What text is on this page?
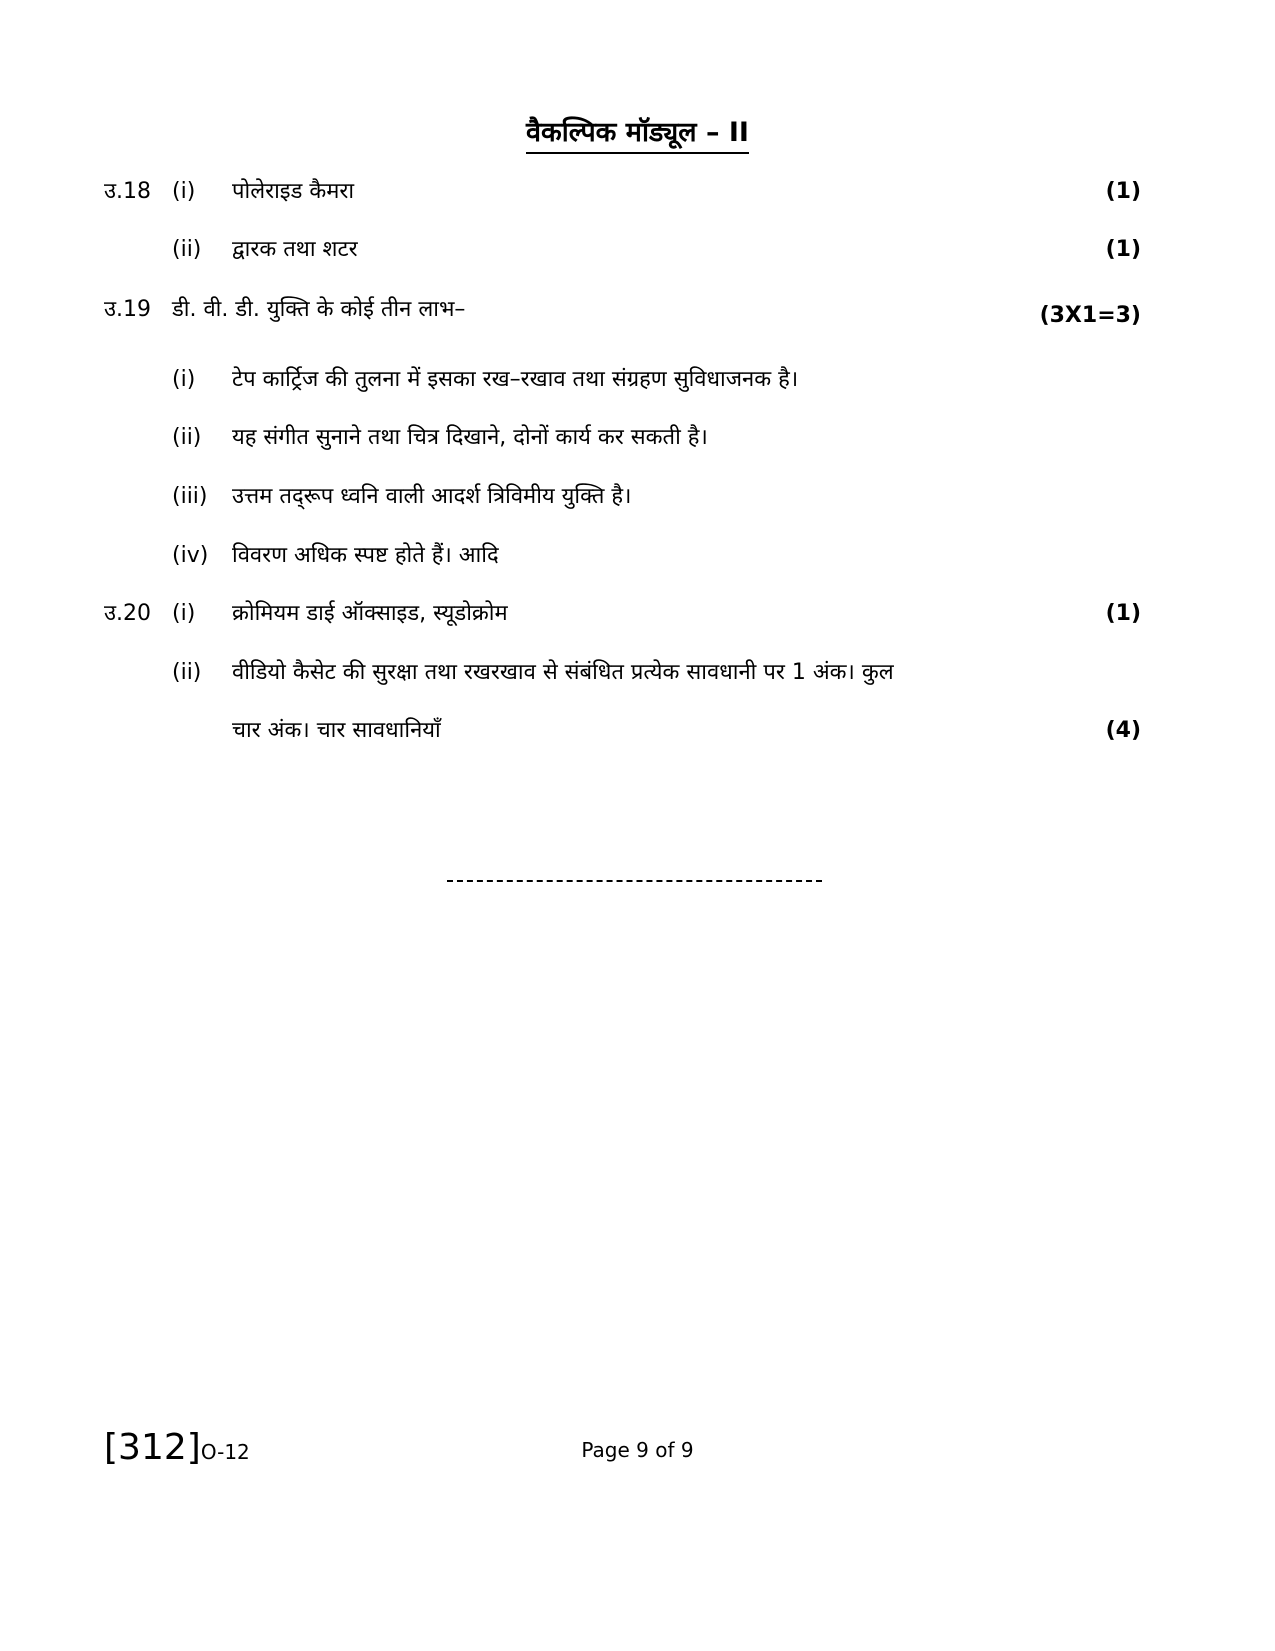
वैकल्पिक मॉड्यूल – II
उ.18 (i) पोलेराइड कैमरा	(1)
(ii) द्वारक तथा शटर	(1)
उ.19 डी. वी. डी. युक्ति के कोई तीन लाभ–	(3X1=3)
(i) टेप कार्ट्रिज की तुलना में इसका रख–रखाव तथा संग्रहण सुविधाजनक है।
(ii) यह संगीत सुनाने तथा चित्र दिखाने, दोनों कार्य कर सकती है।
(iii) उत्तम तद्‌रूप ध्वनि वाली आदर्श त्रिविमीय युक्ति है।
(iv) विवरण अधिक स्पष्ट होते हैं। आदि
उ.20 (i) क्रोमियम डाई ऑक्साइड, स्यूडोक्रोम	(1)
(ii) वीडियो कैसेट की सुरक्षा तथा रखरखाव से संबंधित प्रत्येक सावधानी पर 1 अंक। कुल
चार अंक। चार सावधानियाँ	(4)
[312]O-12	Page 9 of 9
